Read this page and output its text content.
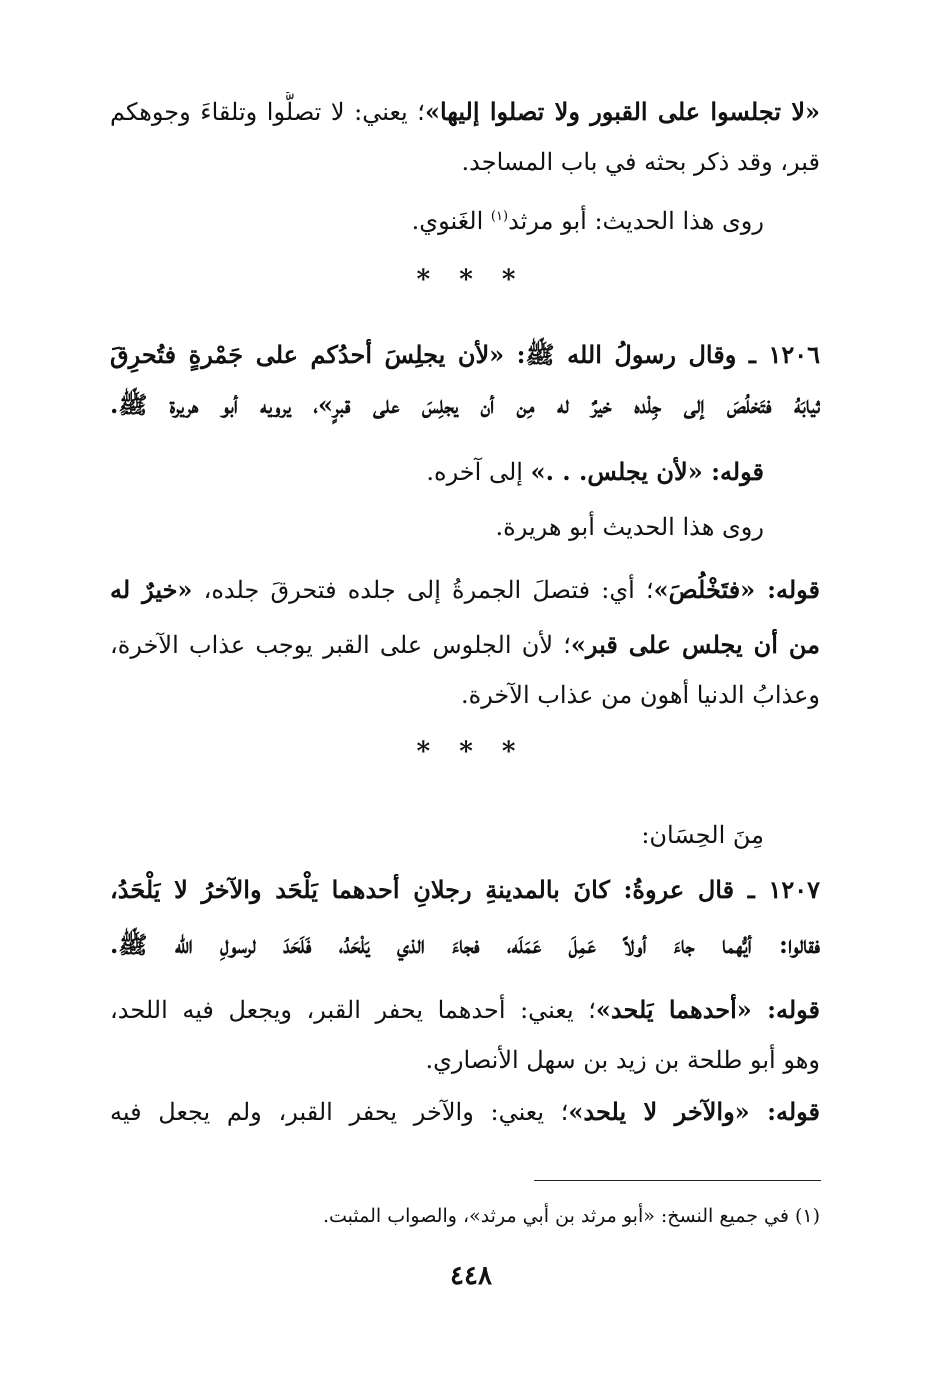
«لا تجلسوا على القبور ولا تصلوا إليها»؛ يعني: لا تصلُّوا وتلقاءَ وجوهكم
قبر، وقد ذكر بحثه في باب المساجد.
روى هذا الحديث: أبو مرثد$^{(١)}$ الغَنوي.
١٢٠٦ ـ وقال رسولُ الله ﷺ: «لأن يجلِسَ أحدُكم على جَمْرةٍ فتُحرِقَ
ثيابَهُ فتَخلُصَ إلى جِلْده خيرٌ له مِن أن يجلِسَ على قبرٍ»، يرويه أبو هريرة ﷺ.
قوله: «لأن يجلس. . .» إلى آخره.
روى هذا الحديث أبو هريرة.
قوله: «فتَخْلُصَ»؛ أي: فتصلَ الجمرةُ إلى جلده فتحرقَ جلده، «خيرٌ له
من أن يجلس على قبر»؛ لأن الجلوس على القبر يوجب عذاب الآخرة،
وعذابُ الدنيا أهون من عذاب الآخرة.
مِنَ الحِسَان:
١٢٠٧ ـ قال عروةُ: كانَ بالمدينةِ رجلانِ أحدهما يَلْحَد والآخرُ لا يَلْحَدُ،
فقالوا: أيُّهما جاءَ أولاً عَمِلَ عَمَلَه، فجاءَ الذي يَلْحَدُ، فَلَحَدَ لرسولِ الله ﷺ.
قوله: «أحدهما يَلحد»؛ يعني: أحدهما يحفر القبر، ويجعل فيه اللحد،
وهو أبو طلحة بن زيد بن سهل الأنصاري.
قوله: «والآخر لا يلحد»؛ يعني: والآخر يحفر القبر، ولم يجعل فيه
* * *
* * *
(١) في جميع النسخ: «أبو مرثد بن أبي مرثد»، والصواب المثبت.
٤٤٨
